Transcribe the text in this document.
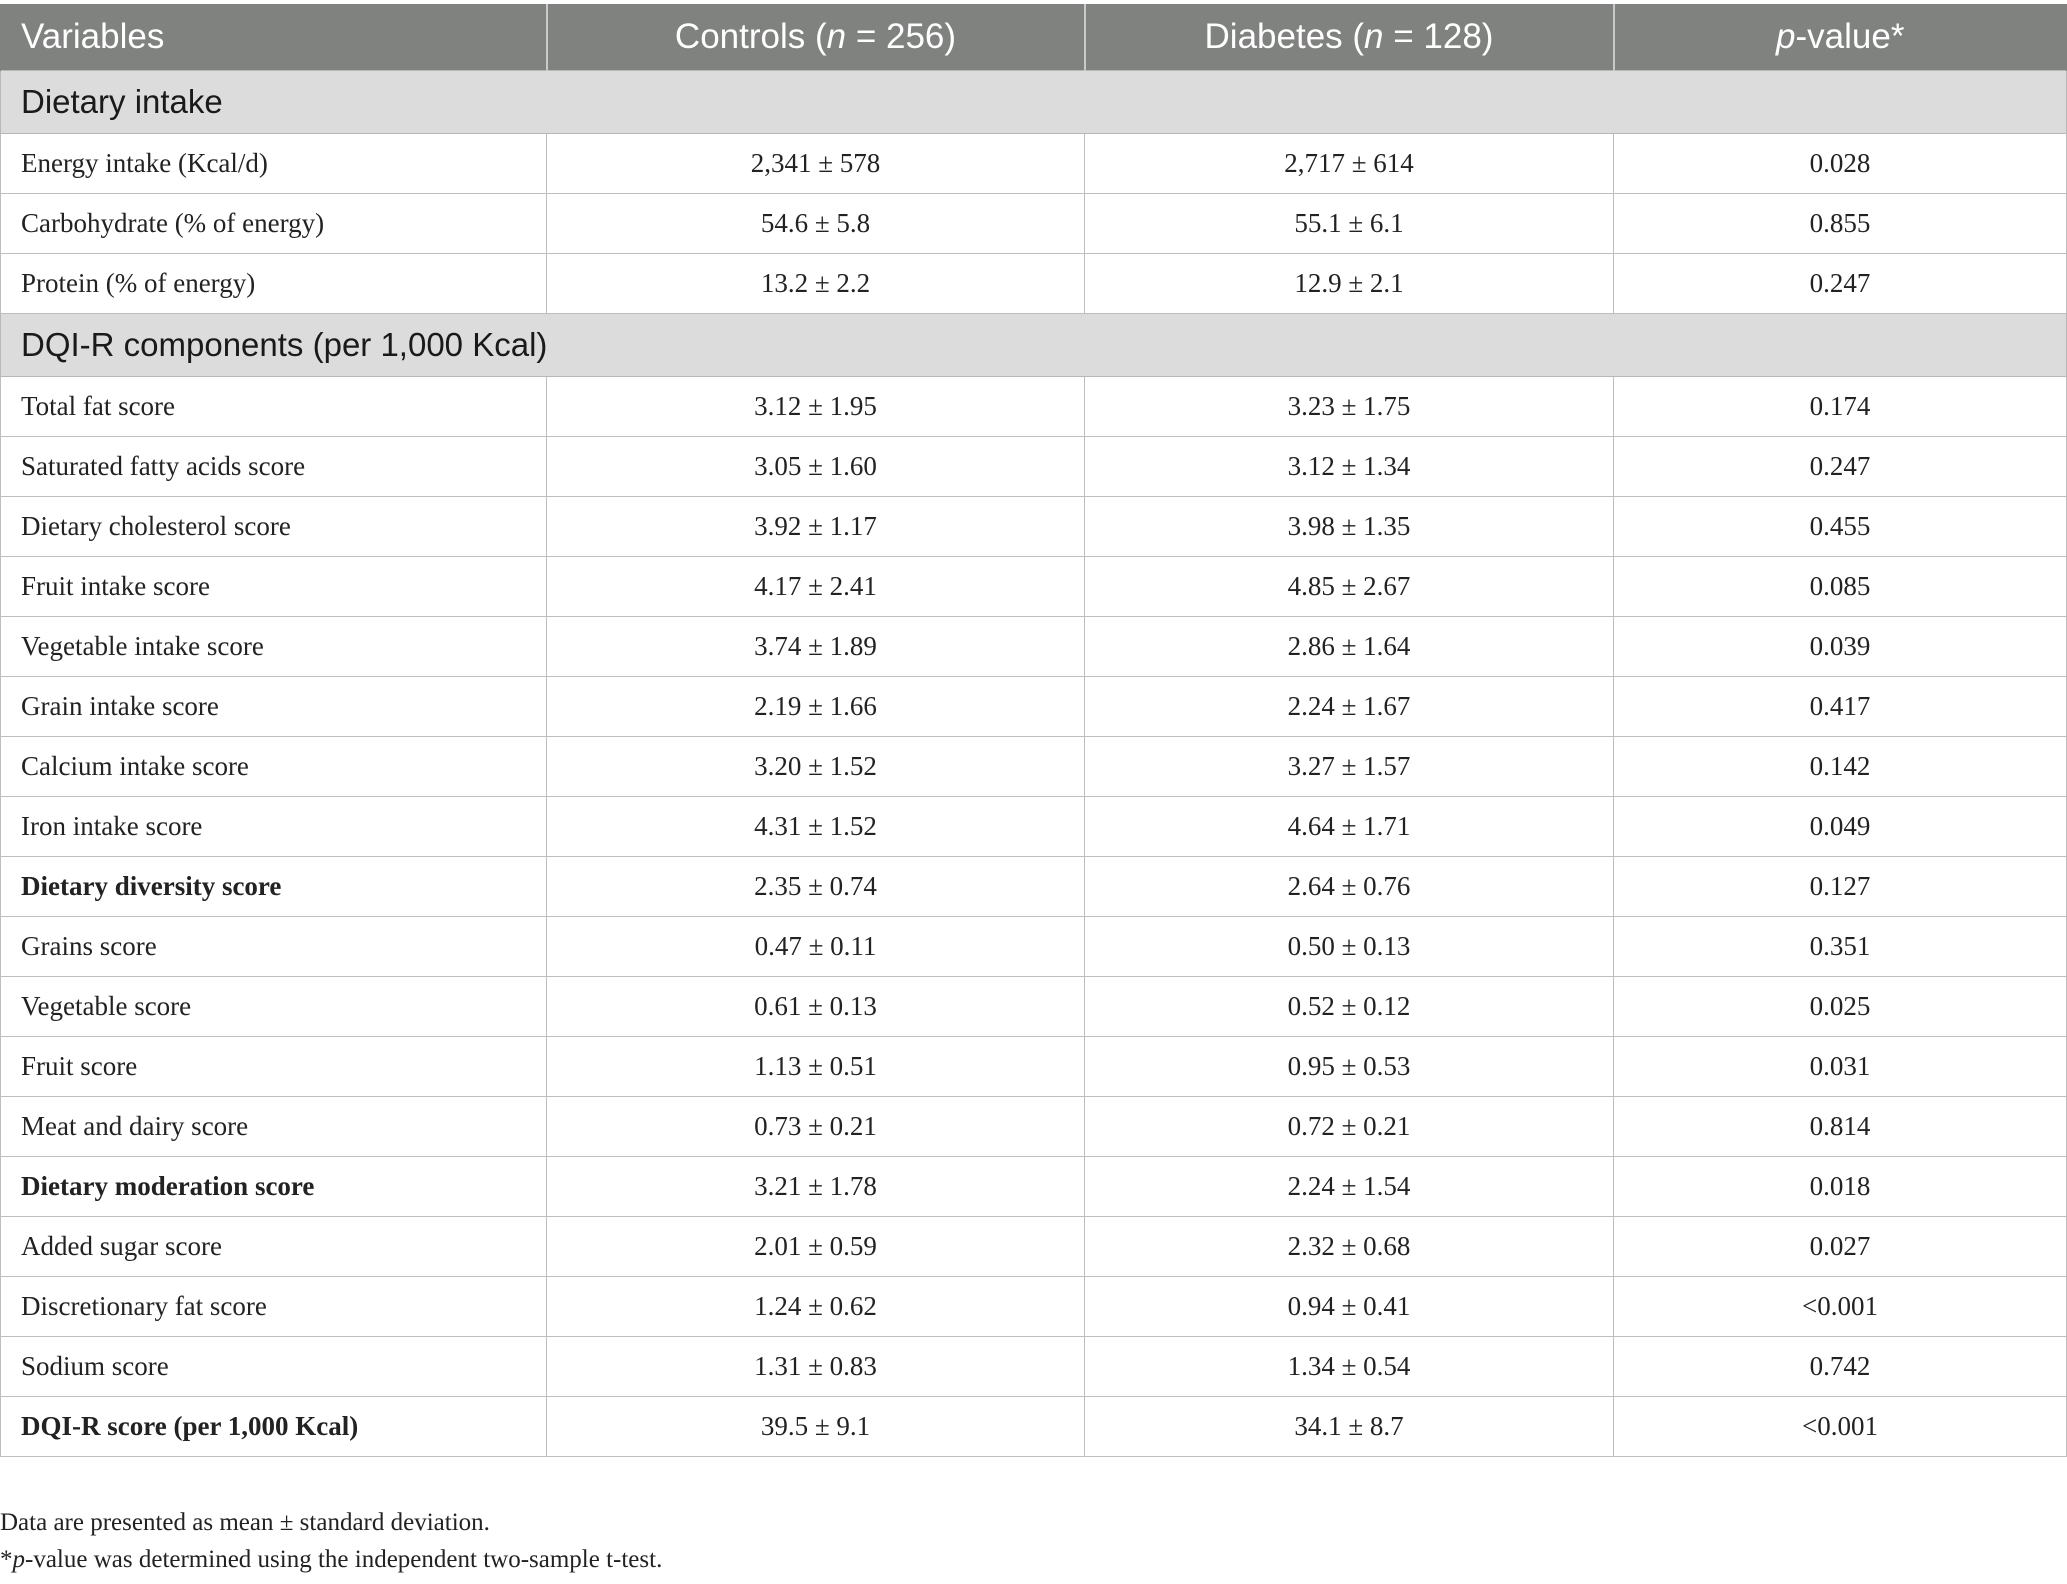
Variables	Controls (n = 256)	Diabetes (n = 128)	p-value*
Dietary intake			
Energy intake (Kcal/d)	2,341 ± 578	2,717 ± 614	0.028
Carbohydrate (% of energy)	54.6 ± 5.8	55.1 ± 6.1	0.855
Protein (% of energy)	13.2 ± 2.2	12.9 ± 2.1	0.247
DQI-R components (per 1,000 Kcal)			
Total fat score	3.12 ± 1.95	3.23 ± 1.75	0.174
Saturated fatty acids score	3.05 ± 1.60	3.12 ± 1.34	0.247
Dietary cholesterol score	3.92 ± 1.17	3.98 ± 1.35	0.455
Fruit intake score	4.17 ± 2.41	4.85 ± 2.67	0.085
Vegetable intake score	3.74 ± 1.89	2.86 ± 1.64	0.039
Grain intake score	2.19 ± 1.66	2.24 ± 1.67	0.417
Calcium intake score	3.20 ± 1.52	3.27 ± 1.57	0.142
Iron intake score	4.31 ± 1.52	4.64 ± 1.71	0.049
Dietary diversity score	2.35 ± 0.74	2.64 ± 0.76	0.127
Grains score	0.47 ± 0.11	0.50 ± 0.13	0.351
Vegetable score	0.61 ± 0.13	0.52 ± 0.12	0.025
Fruit score	1.13 ± 0.51	0.95 ± 0.53	0.031
Meat and dairy score	0.73 ± 0.21	0.72 ± 0.21	0.814
Dietary moderation score	3.21 ± 1.78	2.24 ± 1.54	0.018
Added sugar score	2.01 ± 0.59	2.32 ± 0.68	0.027
Discretionary fat score	1.24 ± 0.62	0.94 ± 0.41	<0.001
Sodium score	1.31 ± 0.83	1.34 ± 0.54	0.742
DQI-R score (per 1,000 Kcal)	39.5 ± 9.1	34.1 ± 8.7	<0.001
Data are presented as mean ± standard deviation.
*p-value was determined using the independent two-sample t-test.
